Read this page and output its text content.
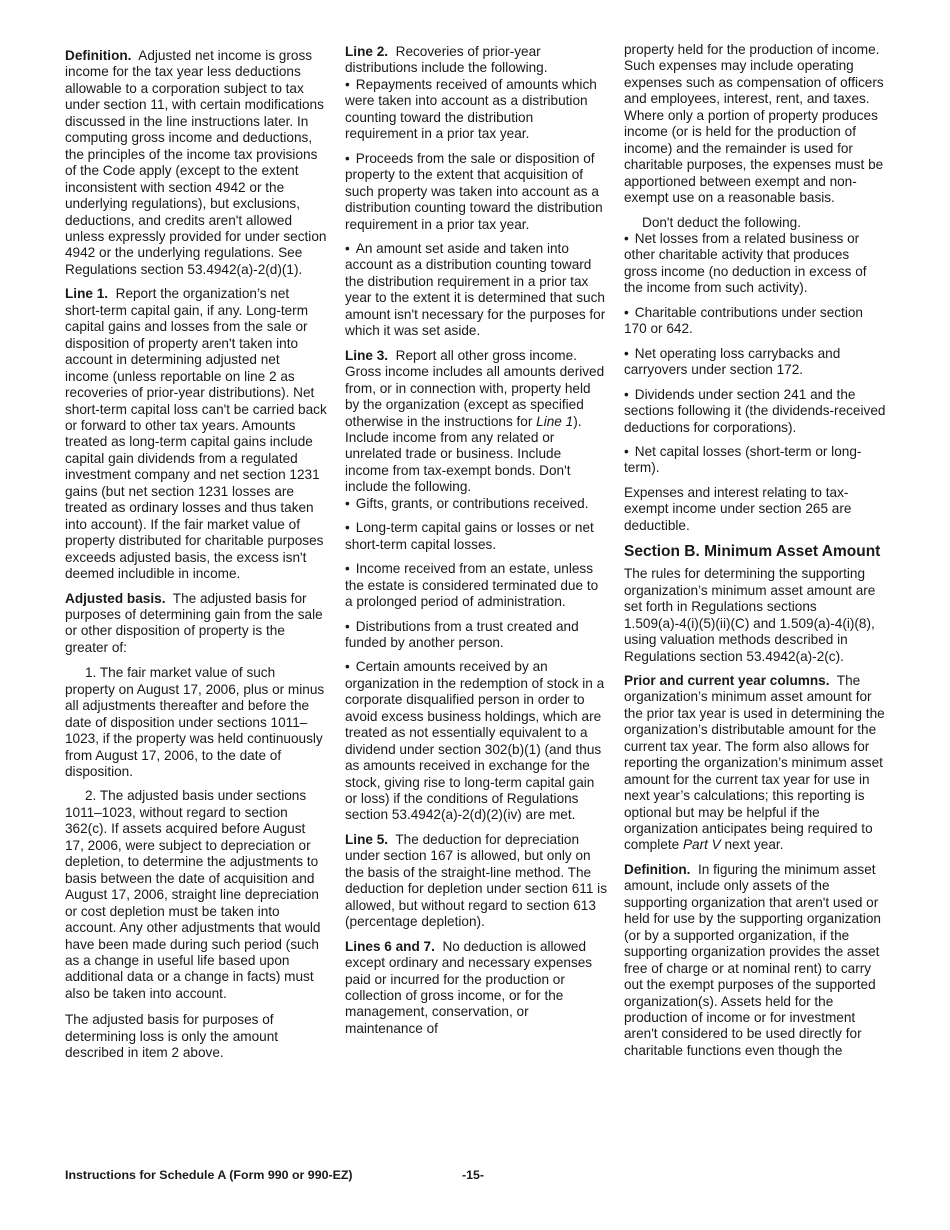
Definition. Adjusted net income is gross income for the tax year less deductions allowable to a corporation subject to tax under section 11, with certain modifications discussed in the line instructions later. In computing gross income and deductions, the principles of the income tax provisions of the Code apply (except to the extent inconsistent with section 4942 or the underlying regulations), but exclusions, deductions, and credits aren't allowed unless expressly provided for under section 4942 or the underlying regulations. See Regulations section 53.4942(a)-2(d)(1).

Line 1. Report the organization’s net short-term capital gain, if any. Long-term capital gains and losses from the sale or disposition of property aren't taken into account in determining adjusted net income (unless reportable on line 2 as recoveries of prior-year distributions). Net short-term capital loss can't be carried back or forward to other tax years. Amounts treated as long-term capital gains include capital gain dividends from a regulated investment company and net section 1231 gains (but net section 1231 losses are treated as ordinary losses and thus taken into account). If the fair market value of property distributed for charitable purposes exceeds adjusted basis, the excess isn't deemed includible in income.

Adjusted basis. The adjusted basis for purposes of determining gain from the sale or other disposition of property is the greater of:

1. The fair market value of such property on August 17, 2006, plus or minus all adjustments thereafter and before the date of disposition under sections 1011–1023, if the property was held continuously from August 17, 2006, to the date of disposition.

2. The adjusted basis under sections 1011–1023, without regard to section 362(c). If assets acquired before August 17, 2006, were subject to depreciation or depletion, to determine the adjustments to basis between the date of acquisition and August 17, 2006, straight line depreciation or cost depletion must be taken into account. Any other adjustments that would have been made during such period (such as a change in useful life based upon additional data or a change in facts) must also be taken into account.

The adjusted basis for purposes of determining loss is only the amount described in item 2 above.

Line 2. Recoveries of prior-year distributions include the following.

• Repayments received of amounts which were taken into account as a distribution counting toward the distribution requirement in a prior tax year.

• Proceeds from the sale or disposition of property to the extent that acquisition of such property was taken into account as a distribution counting toward the distribution requirement in a prior tax year.

• An amount set aside and taken into account as a distribution counting toward the distribution requirement in a prior tax year to the extent it is determined that such amount isn't necessary for the purposes for which it was set aside.

Line 3. Report all other gross income. Gross income includes all amounts derived from, or in connection with, property held by the organization (except as specified otherwise in the instructions for Line 1). Include income from any related or unrelated trade or business. Include income from tax-exempt bonds. Don't include the following.

• Gifts, grants, or contributions received.

• Long-term capital gains or losses or net short-term capital losses.

• Income received from an estate, unless the estate is considered terminated due to a prolonged period of administration.

• Distributions from a trust created and funded by another person.

• Certain amounts received by an organization in the redemption of stock in a corporate disqualified person in order to avoid excess business holdings, which are treated as not essentially equivalent to a dividend under section 302(b)(1) (and thus as amounts received in exchange for the stock, giving rise to long-term capital gain or loss) if the conditions of Regulations section 53.4942(a)-2(d)(2)(iv) are met.

Line 5. The deduction for depreciation under section 167 is allowed, but only on the basis of the straight-line method. The deduction for depletion under section 611 is allowed, but without regard to section 613 (percentage depletion).

Lines 6 and 7. No deduction is allowed except ordinary and necessary expenses paid or incurred for the production or collection of gross income, or for the management, conservation, or maintenance of

property held for the production of income. Such expenses may include operating expenses such as compensation of officers and employees, interest, rent, and taxes. Where only a portion of property produces income (or is held for the production of income) and the remainder is used for charitable purposes, the expenses must be apportioned between exempt and non-exempt use on a reasonable basis.

Don't deduct the following.

• Net losses from a related business or other charitable activity that produces gross income (no deduction in excess of the income from such activity).

• Charitable contributions under section 170 or 642.

• Net operating loss carrybacks and carryovers under section 172.

• Dividends under section 241 and the sections following it (the dividends-received deductions for corporations).

• Net capital losses (short-term or long-term).

Expenses and interest relating to tax-exempt income under section 265 are deductible.

Section B. Minimum Asset Amount

The rules for determining the supporting organization’s minimum asset amount are set forth in Regulations sections 1.509(a)-4(i)(5)(ii)(C) and 1.509(a)-4(i)(8), using valuation methods described in Regulations section 53.4942(a)-2(c).

Prior and current year columns. The organization’s minimum asset amount for the prior tax year is used in determining the organization’s distributable amount for the current tax year. The form also allows for reporting the organization’s minimum asset amount for the current tax year for use in next year’s calculations; this reporting is optional but may be helpful if the organization anticipates being required to complete Part V next year.

Definition. In figuring the minimum asset amount, include only assets of the supporting organization that aren't used or held for use by the supporting organization (or by a supported organization, if the supporting organization provides the asset free of charge or at nominal rent) to carry out the exempt purposes of the supported organization(s). Assets held for the production of income or for investment aren't considered to be used directly for charitable functions even though the

Instructions for Schedule A (Form 990 or 990-EZ)	-15-
